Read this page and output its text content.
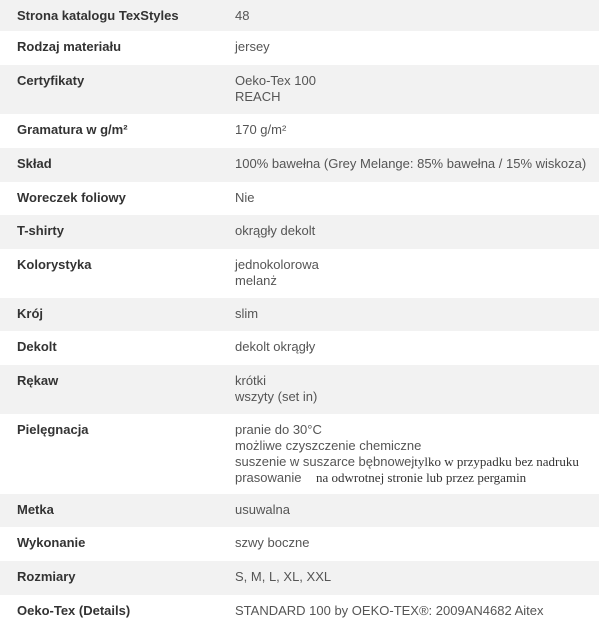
Strona katalogu TexStyles	48
Rodzaj materiału	jersey
Certyfikaty	Oeko-Tex 100
REACH
Gramatura w g/m²	170 g/m²
Skład	100% bawełna (Grey Melange: 85% bawełna / 15% wiskoza)
Woreczek foliowy	Nie
T-shirty	okrągły dekolt
Kolorystyka	jednokolorowa
melanż
Krój	slim
Dekolt	dekolt okrągły
Rękaw	krótki
wszyty (set in)
Pielęgnacja	pranie do 30°C
możliwe czyszczenie chemiczne
suszenie w suszarce bębnowejtylko w przypadku bez nadruku
prasowanie na odwrotnej stronie lub przez pergamin
Metka	usuwalna
Wykonanie	szwy boczne
Rozmiary	S, M, L, XL, XXL
Oeko-Tex (Details)	STANDARD 100 by OEKO-TEX®: 2009AN4682 Aitex
